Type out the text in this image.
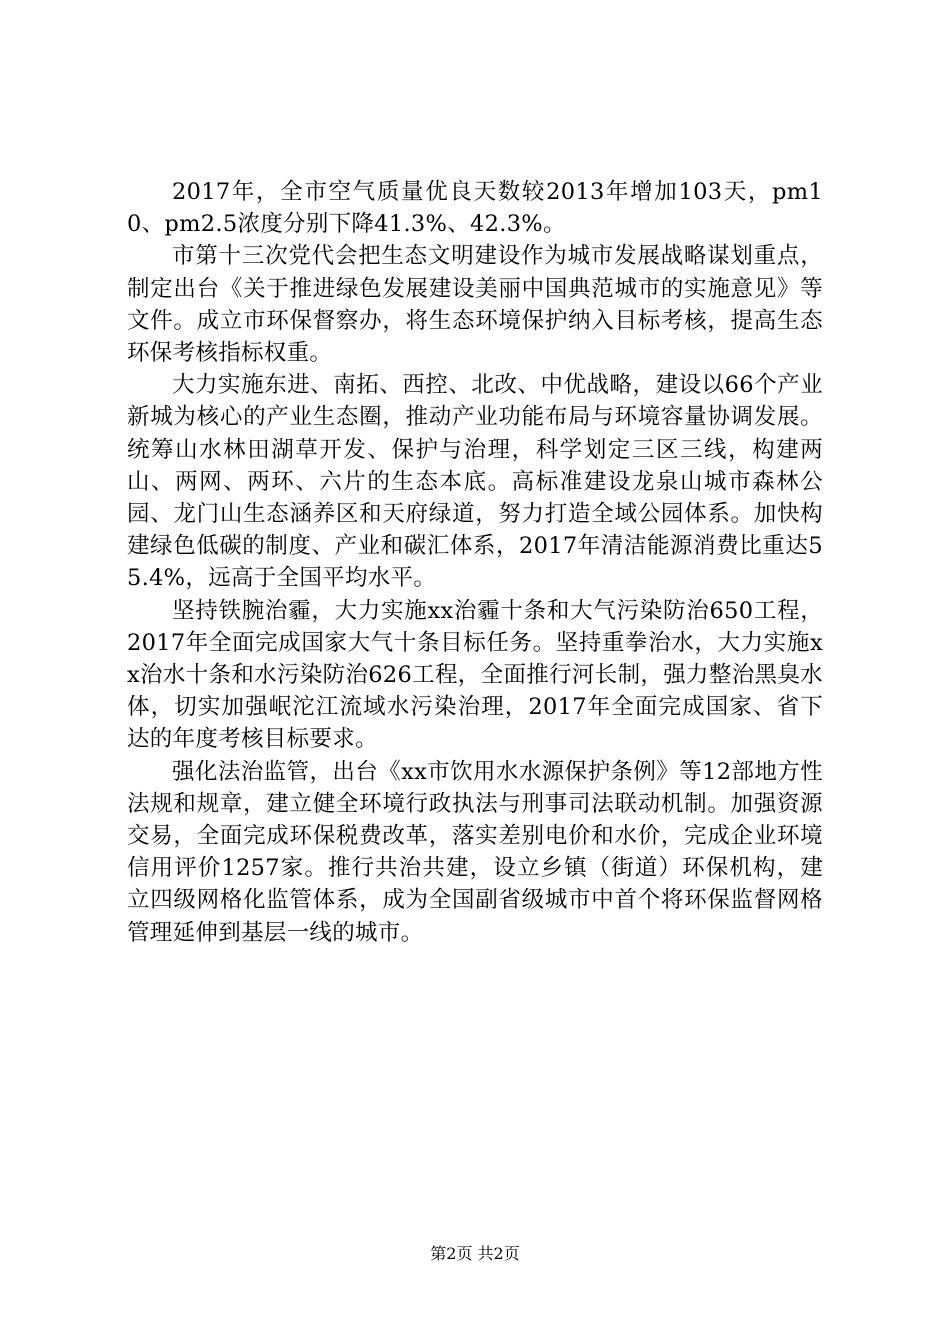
2017年，全市空气质量优良天数较2013年增加103天，pm10、pm2.5浓度分别下降41.3%、42.3%。

市第十三次党代会把生态文明建设作为城市发展战略谋划重点，制定出台《关于推进绿色发展建设美丽中国典范城市的实施意见》等文件。成立市环保督察办，将生态环境保护纳入目标考核，提高生态环保考核指标权重。

大力实施东进、南拓、西控、北改、中优战略，建设以66个产业新城为核心的产业生态圈，推动产业功能布局与环境容量协调发展。统筹山水林田湖草开发、保护与治理，科学划定三区三线，构建两山、两网、两环、六片的生态本底。高标准建设龙泉山城市森林公园、龙门山生态涵养区和天府绿道，努力打造全域公园体系。加快构建绿色低碳的制度、产业和碳汇体系，2017年清洁能源消费比重达55.4%，远高于全国平均水平。

坚持铁腕治霾，大力实施xx治霾十条和大气污染防治650工程，2017年全面完成国家大气十条目标任务。坚持重拳治水，大力实施xx治水十条和水污染防治626工程，全面推行河长制，强力整治黑臭水体，切实加强岷沱江流域水污染治理，2017年全面完成国家、省下达的年度考核目标要求。

强化法治监管，出台《xx市饮用水水源保护条例》等12部地方性法规和规章，建立健全环境行政执法与刑事司法联动机制。加强资源交易，全面完成环保税费改革，落实差别电价和水价，完成企业环境信用评价1257家。推行共治共建，设立乡镇（街道）环保机构，建立四级网格化监管体系，成为全国副省级城市中首个将环保监督网格管理延伸到基层一线的城市。

第2页 共2页
